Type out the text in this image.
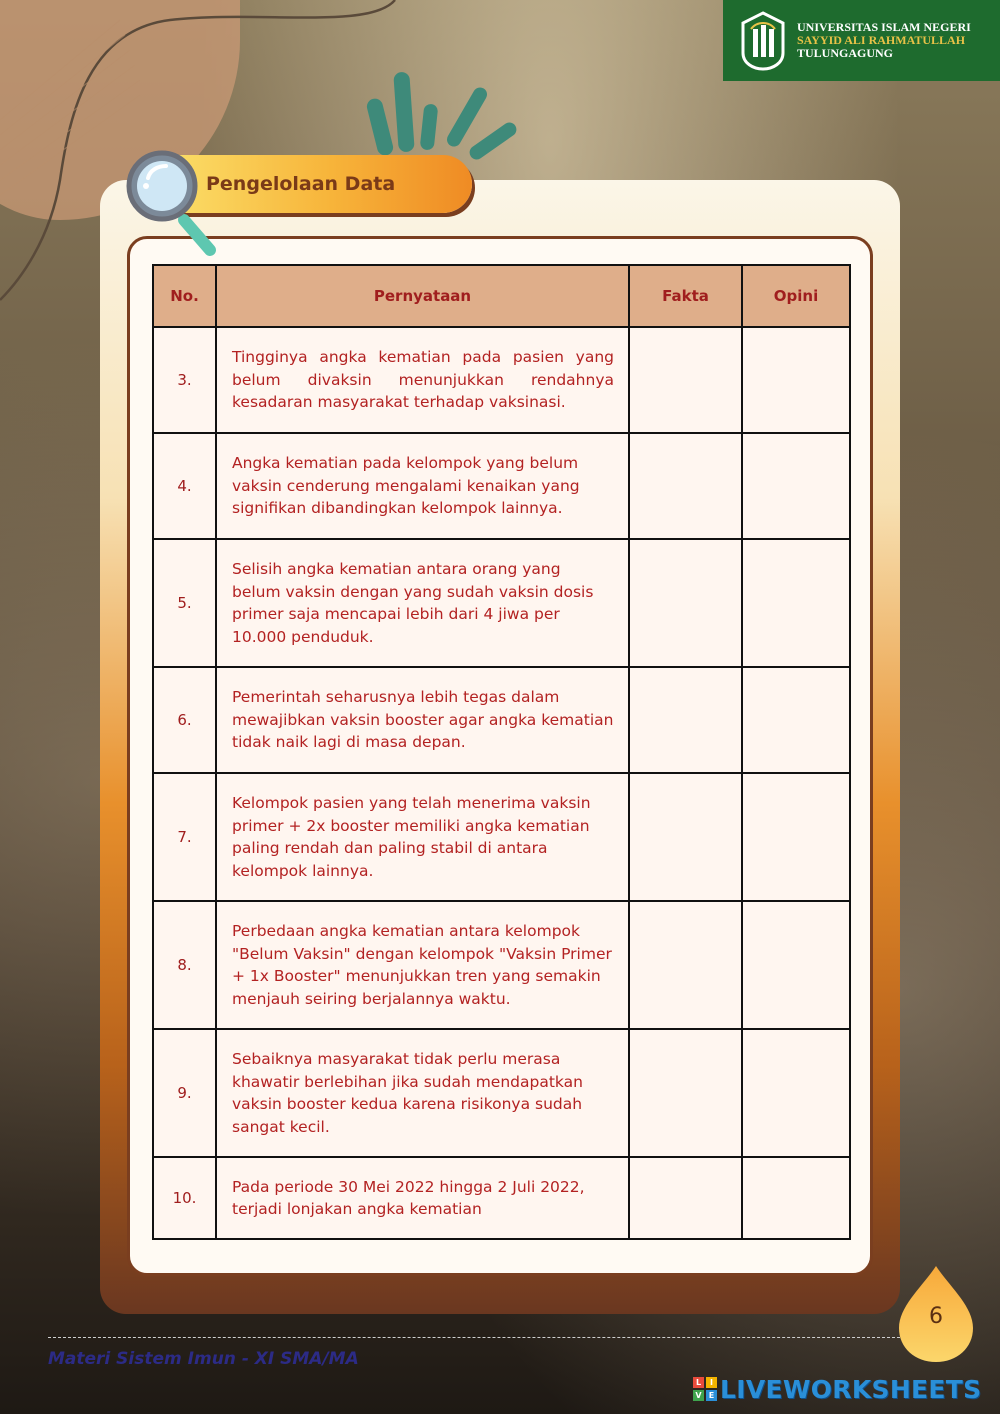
UNIVERSITAS ISLAM NEGERI
SAYYID ALI RAHMATULLAH
TULUNGAGUNG
Pengelolaan Data
No.	Pernyataan	Fakta	Opini
3.	Tingginya angka kematian pada pasien yang belum divaksin menunjukkan rendahnya kesadaran masyarakat terhadap vaksinasi.		
4.	Angka kematian pada kelompok yang belum vaksin cenderung mengalami kenaikan yang signifikan dibandingkan kelompok lainnya.		
5.	Selisih angka kematian antara orang yang belum vaksin dengan yang sudah vaksin dosis primer saja mencapai lebih dari 4 jiwa per 10.000 penduduk.		
6.	Pemerintah seharusnya lebih tegas dalam mewajibkan vaksin booster agar angka kematian tidak naik lagi di masa depan.		
7.	Kelompok pasien yang telah menerima vaksin primer + 2x booster memiliki angka kematian paling rendah dan paling stabil di antara kelompok lainnya.		
8.	Perbedaan angka kematian antara kelompok "Belum Vaksin" dengan kelompok "Vaksin Primer + 1x Booster" menunjukkan tren yang semakin menjauh seiring berjalannya waktu.		
9.	Sebaiknya masyarakat tidak perlu merasa khawatir berlebihan jika sudah mendapatkan vaksin booster kedua karena risikonya sudah sangat kecil.		
10.	Pada periode 30 Mei 2022 hingga 2 Juli 2022, terjadi lonjakan angka kematian		
Materi Sistem Imun - XI SMA/MA
6
L	I
V E LIVEWORKSHEETS
